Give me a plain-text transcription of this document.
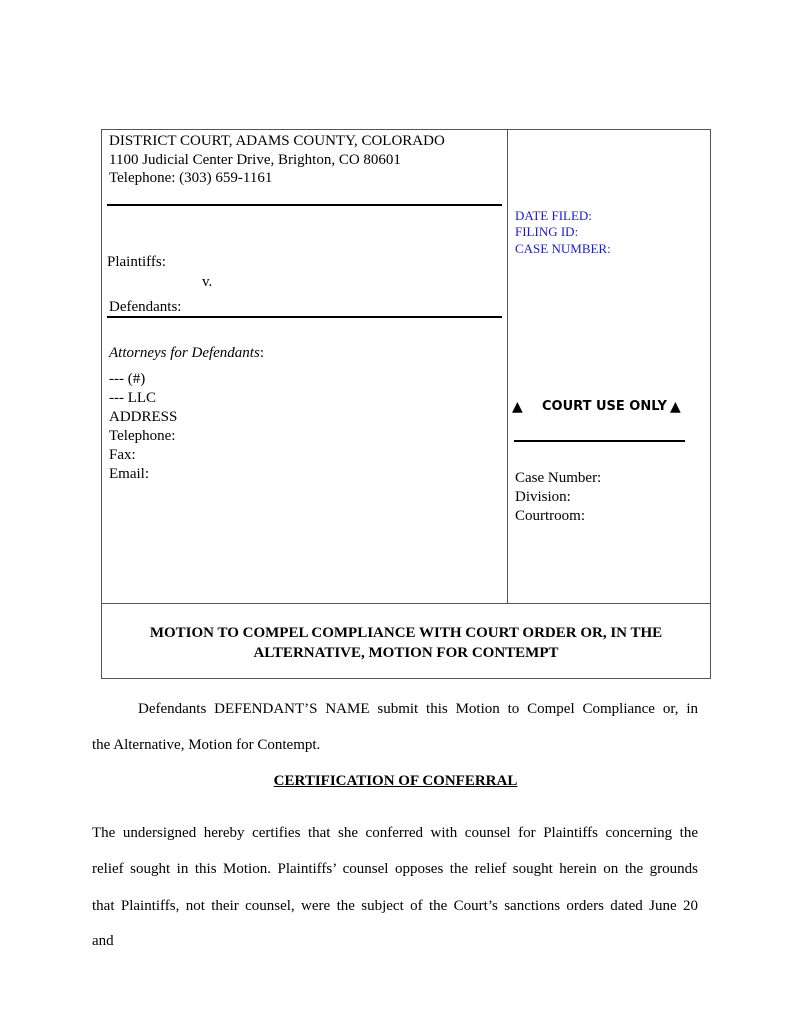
DISTRICT COURT, ADAMS COUNTY, COLORADO
1100 Judicial Center Drive, Brighton, CO 80601
Telephone: (303) 659-1161
Plaintiffs:
v.
Defendants:
Attorneys for Defendants:
--- (#)
--- LLC
ADDRESS
Telephone:
Fax:
Email:
DATE FILED:
FILING ID:
CASE NUMBER:
▲ COURT USE ONLY ▲
Case Number:
Division:
Courtroom:
MOTION TO COMPEL COMPLIANCE WITH COURT ORDER OR, IN THE
ALTERNATIVE, MOTION FOR CONTEMPT
Defendants DEFENDANT’S NAME submit this Motion to Compel Compliance or, in
the Alternative, Motion for Contempt.
CERTIFICATION OF CONFERRAL
The undersigned hereby certifies that she conferred with counsel for Plaintiffs concerning the
relief sought in this Motion. Plaintiffs’ counsel opposes the relief sought herein on the grounds
that Plaintiffs, not their counsel, were the subject of the Court’s sanctions orders dated June 20
and
